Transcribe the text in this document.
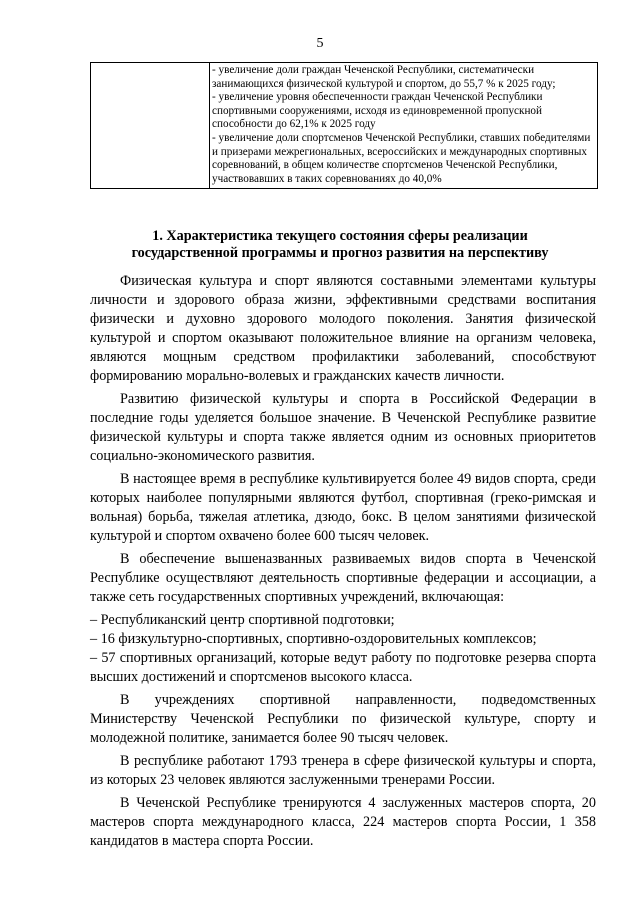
5

- увеличение доли граждан Чеченской Республики, систематически занимающихся физической культурой и спортом, до 55,7 % к 2025 году;

- увеличение уровня обеспеченности граждан Чеченской Республики спортивными сооружениями, исходя из единовременной пропускной способности до 62,1% к 2025 году

- увеличение доли спортсменов Чеченской Республики, ставших победителями и призерами межрегиональных, всероссийских и международных спортивных соревнований, в общем количестве спортсменов Чеченской Республики, участвовавших в таких соревнованиях до 40,0%

1. Характеристика текущего состояния сферы реализации
государственной программы и прогноз развития на перспективу

Физическая культура и спорт являются составными элементами культуры личности и здорового образа жизни, эффективными средствами воспитания физически и духовно здорового молодого поколения. Занятия физической культурой и спортом оказывают положительное влияние на организм человека, являются мощным средством профилактики заболеваний, способствуют формированию морально-волевых и гражданских качеств личности.

Развитию физической культуры и спорта в Российской Федерации в последние годы уделяется большое значение. В Чеченской Республике развитие физической культуры и спорта также является одним из основных приоритетов социально-экономического развития.

В настоящее время в республике культивируется более 49 видов спорта, среди которых наиболее популярными являются футбол, спортивная (греко-римская и вольная) борьба, тяжелая атлетика, дзюдо, бокс. В целом занятиями физической культурой и спортом охвачено более 600 тысяч человек.

В обеспечение вышеназванных развиваемых видов спорта в Чеченской Республике осуществляют деятельность спортивные федерации и ассоциации, а также сеть государственных спортивных учреждений, включающая:

– Республиканский центр спортивной подготовки;

– 16 физкультурно-спортивных, спортивно-оздоровительных комплексов;

– 57 спортивных организаций, которые ведут работу по подготовке резерва спорта высших достижений и спортсменов высокого класса.

В учреждениях спортивной направленности, подведомственных Министерству Чеченской Республики по физической культуре, спорту и молодежной политике, занимается более 90 тысяч человек.

В республике работают 1793 тренера в сфере физической культуры и спорта, из которых 23 человек являются заслуженными тренерами России.

В Чеченской Республике тренируются 4 заслуженных мастеров спорта, 20 мастеров спорта международного класса, 224 мастеров спорта России, 1 358 кандидатов в мастера спорта России.
